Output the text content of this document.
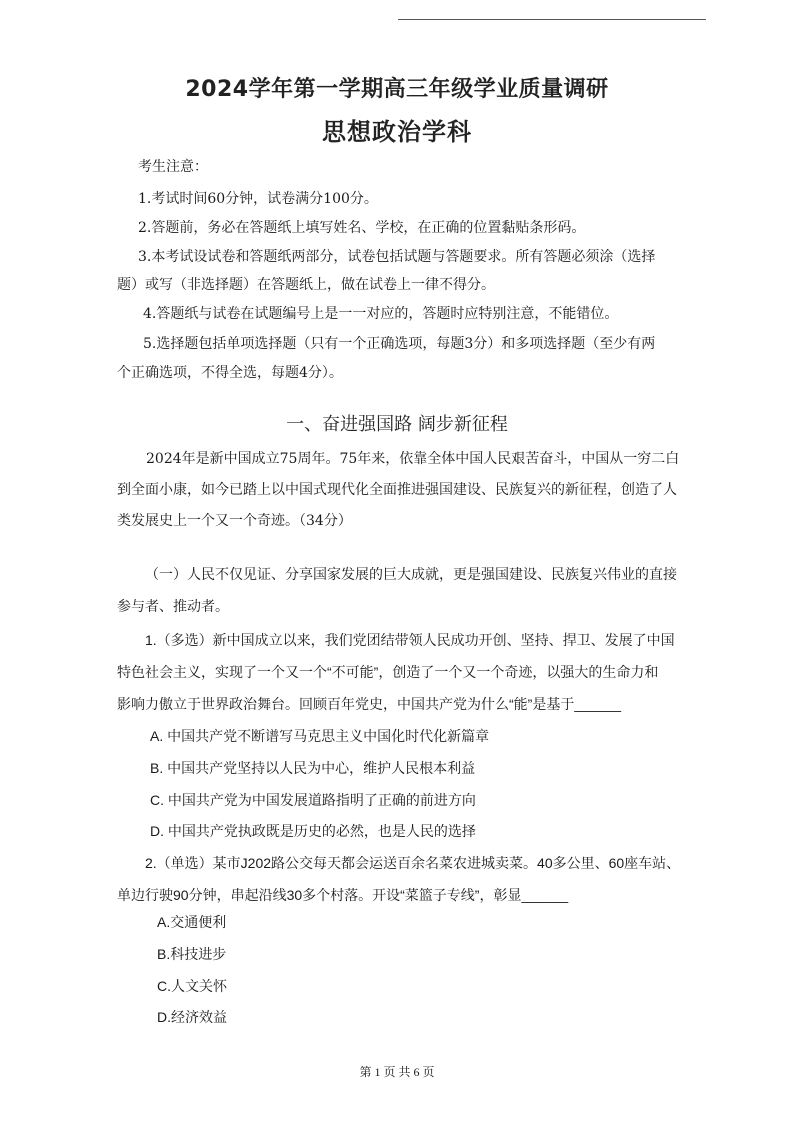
2024学年第一学期高三年级学业质量调研
思想政治学科
考生注意：
1.考试时间60分钟，试卷满分100分。
2.答题前，务必在答题纸上填写姓名、学校，在正确的位置黏贴条形码。
3.本考试设试卷和答题纸两部分，试卷包括试题与答题要求。所有答题必须涂（选择
题）或写（非选择题）在答题纸上，做在试卷上一律不得分。
4.答题纸与试卷在试题编号上是一一对应的，答题时应特别注意，不能错位。
5.选择题包括单项选择题（只有一个正确选项，每题3分）和多项选择题（至少有两
个正确选项，不得全选，每题4分）。
一、奋进强国路 阔步新征程
2024年是新中国成立75周年。75年来，依靠全体中国人民艰苦奋斗，中国从一穷二白
到全面小康，如今已踏上以中国式现代化全面推进强国建设、民族复兴的新征程，创造了人
类发展史上一个又一个奇迹。（34分）
（一）人民不仅见证、分享国家发展的巨大成就，更是强国建设、民族复兴伟业的直接
参与者、推动者。
1.（多选）新中国成立以来，我们党团结带领人民成功开创、坚持、捍卫、发展了中国
特色社会主义，实现了一个又一个“不可能”，创造了一个又一个奇迹，以强大的生命力和
影响力傲立于世界政治舞台。回顾百年党史，中国共产党为什么“能”是基于______
A. 中国共产党不断谱写马克思主义中国化时代化新篇章
B. 中国共产党坚持以人民为中心，维护人民根本利益
C. 中国共产党为中国发展道路指明了正确的前进方向
D. 中国共产党执政既是历史的必然，也是人民的选择
2.（单选）某市J202路公交每天都会运送百余名菜农进城卖菜。40多公里、60座车站、
单边行驶90分钟，串起沿线30多个村落。开设“菜篮子专线”，彰显______
A.交通便利
B.科技进步
C.人文关怀
D.经济效益
第 1 页 共 6 页
